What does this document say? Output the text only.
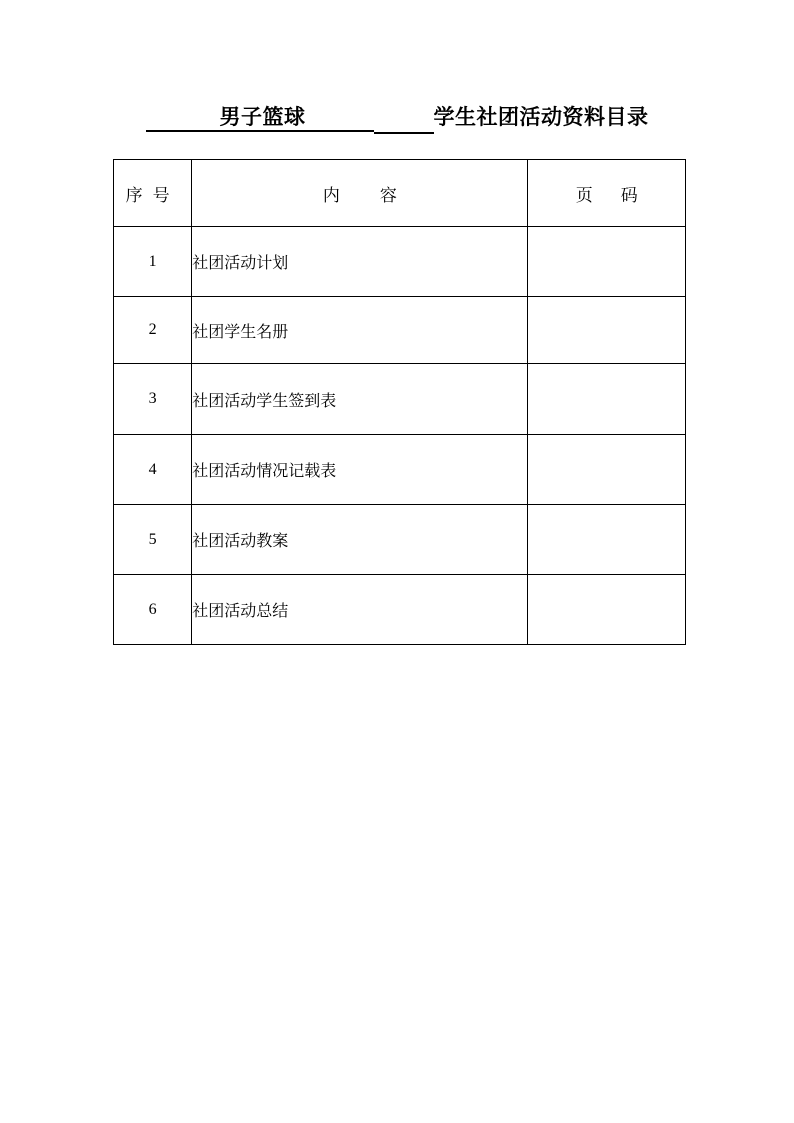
男子篮球	学生社团活动资料目录
序号	内容	页码
1	社团活动计划	
2	社团学生名册	
3	社团活动学生签到表	
4	社团活动情况记载表	
5	社团活动教案	
6	社团活动总结	
